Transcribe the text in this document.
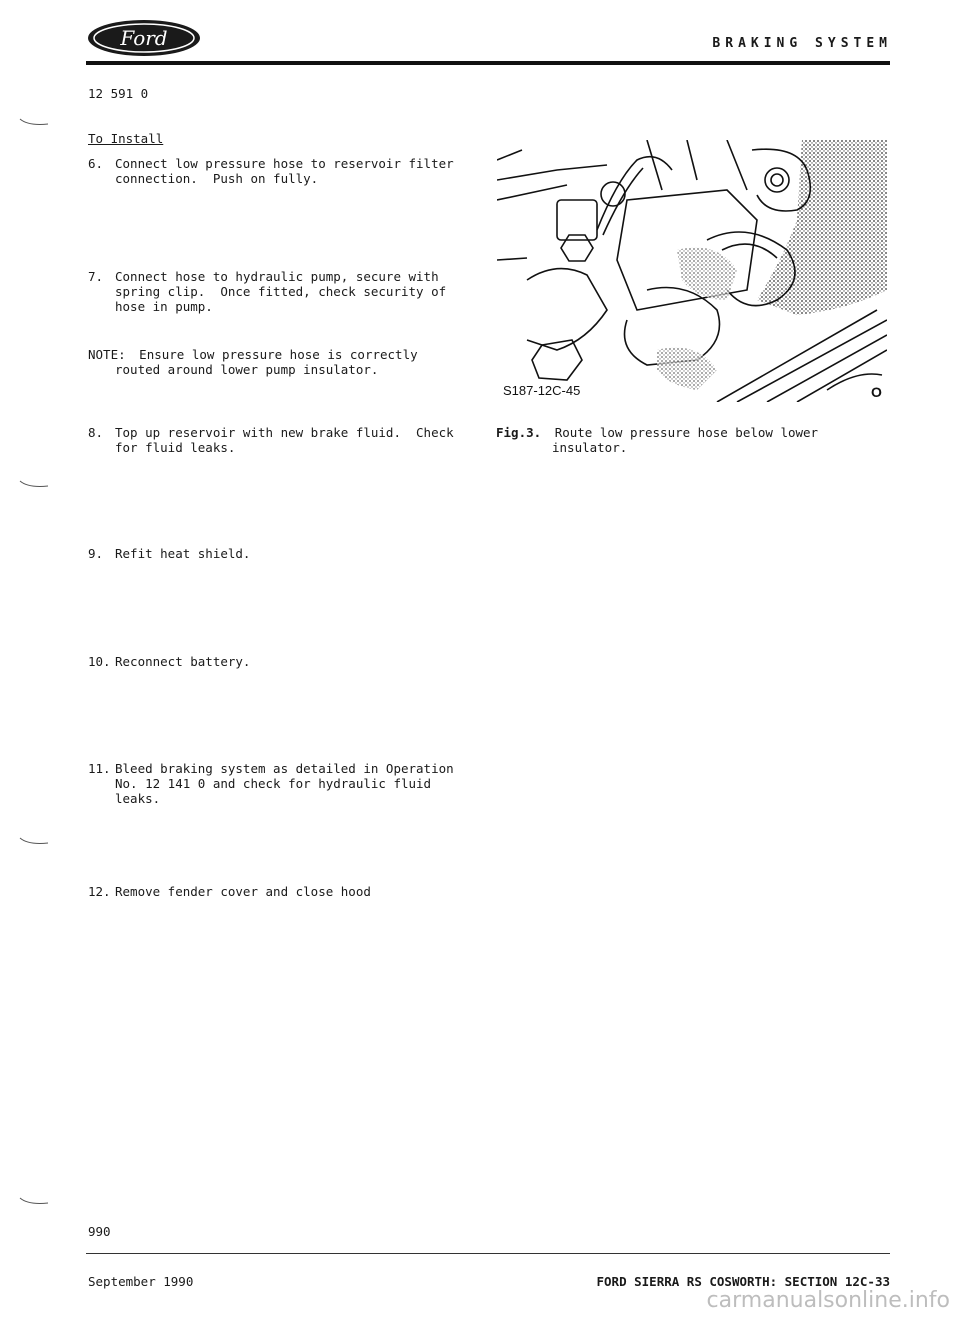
Ford	BRAKING SYSTEM
12 591 0
To Install
6. Connect low pressure hose to reservoir filter
connection.  Push on fully.
7. Connect hose to hydraulic pump, secure with
spring clip.  Once fitted, check security of
hose in pump.
NOTE: Ensure low pressure hose is correctly
routed around lower pump insulator.
8. Top up reservoir with new brake fluid.  Check
for fluid leaks.
9. Refit heat shield.
10. Reconnect battery.
11. Bleed braking system as detailed in Operation
No. 12 141 0 and check for hydraulic fluid
leaks.
12. Remove fender cover and close hood
S187-12C-45	O
Fig.3. Route low pressure hose below lower
insulator.
990
September 1990	FORD SIERRA RS COSWORTH: SECTION 12C-33
carmanualsonline.info
